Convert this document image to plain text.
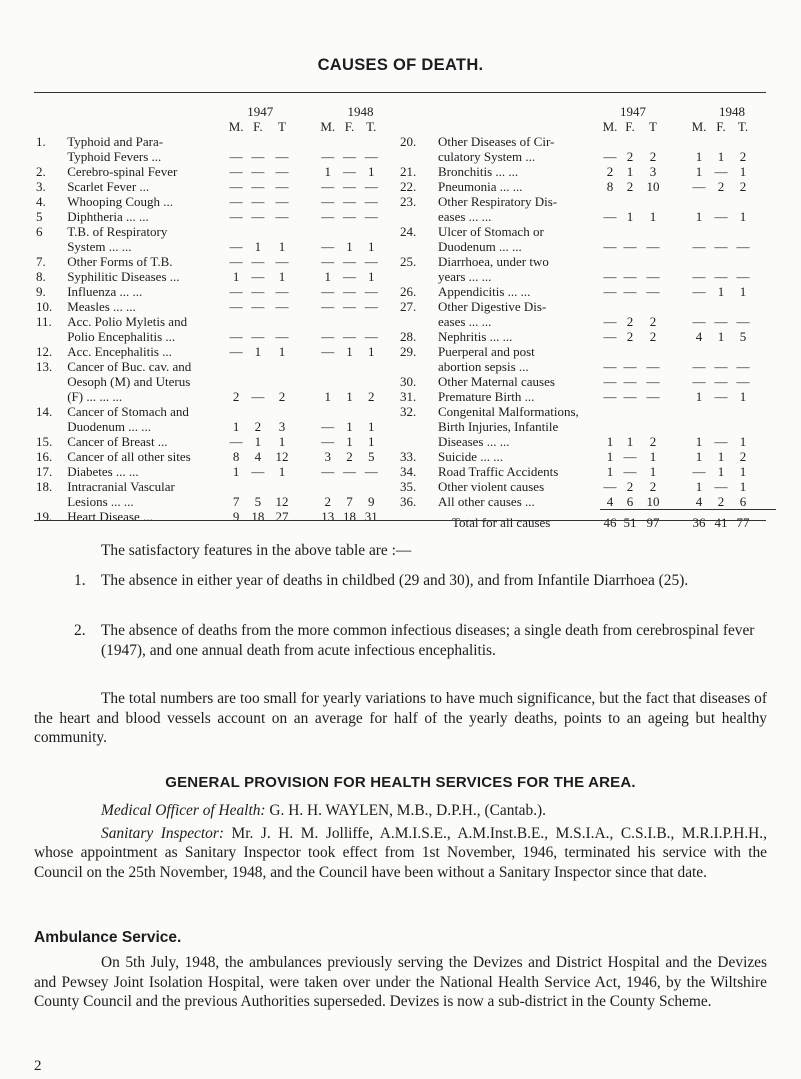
CAUSES OF DEATH.
		1947				1948			
		M.	F.	T		M.	F.	T.	
1.	Typhoid and Para-								
	Typhoid Fevers ...	—	—	—		—	—	—	
2.	Cerebro-spinal Fever	—	—	—		1	—	1	
3.	Scarlet Fever ...	—	—	—		—	—	—	
4.	Whooping Cough ...	—	—	—		—	—	—	
5	Diphtheria ... ...	—	—	—		—	—	—	
6	T.B. of Respiratory								
	System ... ...	—	1	1		—	1	1	
7.	Other Forms of T.B.	—	—	—		—	—	—	
8.	Syphilitic Diseases ...	1	—	1		1	—	1	
9.	Influenza ... ...	—	—	—		—	—	—	
10.	Measles ... ...	—	—	—		—	—	—	
11.	Acc. Polio Myletis and								
	Polio Encephalitis ...	—	—	—		—	—	—	
12.	Acc. Encephalitis ...	—	1	1		—	1	1	
13.	Cancer of Buc. cav. and								
	Oesoph (M) and Uterus								
	(F) ... ... ...	2	—	2		1	1	2	
14.	Cancer of Stomach and								
	Duodenum ... ...	1	2	3		—	1	1	
15.	Cancer of Breast ...	—	1	1		—	1	1	
16.	Cancer of all other sites	8	4	12		3	2	5	
17.	Diabetes ... ...	1	—	1		—	—	—	
18.	Intracranial Vascular								
	Lesions ... ...	7	5	12		2	7	9	
19.	Heart Disease ...	9	18	27		13	18	31	
		1947				1948			
		M.	F.	T		M.	F.	T.	
20.	Other Diseases of Cir-								
	culatory System ...	—	2	2		1	1	2	
21.	Bronchitis ... ...	2	1	3		1	—	1	
22.	Pneumonia ... ...	8	2	10		—	2	2	
23.	Other Respiratory Dis-								
	eases ... ...	—	1	1		1	—	1	
24.	Ulcer of Stomach or								
	Duodenum ... ...	—	—	—		—	—	—	
25.	Diarrhoea, under two								
	years ... ...	—	—	—		—	—	—	
26.	Appendicitis ... ...	—	—	—		—	1	1	
27.	Other Digestive Dis-								
	eases ... ...	—	2	2		—	—	—	
28.	Nephritis ... ...	—	2	2		4	1	5	
29.	Puerperal and post								
	abortion sepsis ...	—	—	—		—	—	—	
30.	Other Maternal causes	—	—	—		—	—	—	
31.	Premature Birth ...	—	—	—		1	—	1	
32.	Congenital Malformations,								
	Birth Injuries, Infantile								
	Diseases ... ...	1	1	2		1	—	1	
33.	Suicide ... ...	1	—	1		1	1	2	
34.	Road Traffic Accidents	1	—	1		—	1	1	
35.	Other violent causes	—	2	2		1	—	1	
36.	All other causes ...	4	6	10		4	2	6	
	Total for all causes	46	51	97		36	41	77	

The satisfactory features in the above table are :—

1. The absence in either year of deaths in childbed (29 and 30), and from Infantile Diarrhoea (25).
2. The absence of deaths from the more common infectious diseases; a single death from cerebrospinal fever (1947), and one annual death from acute infectious encephalitis.

The total numbers are too small for yearly variations to have much significance, but the fact that diseases of the heart and blood vessels account on an average for half of the yearly deaths, points to an ageing but healthy community.

GENERAL PROVISION FOR HEALTH SERVICES FOR THE AREA.

Medical Officer of Health: G. H. H. WAYLEN, M.B., D.P.H., (Cantab.).

Sanitary Inspector: Mr. J. H. M. Jolliffe, A.M.I.S.E., A.M.Inst.B.E., M.S.I.A., C.S.I.B., M.R.I.P.H.H., whose appointment as Sanitary Inspector took effect from 1st November, 1946, terminated his service with the Council on the 25th November, 1948, and the Council have been without a Sanitary Inspector since that date.

Ambulance Service.

On 5th July, 1948, the ambulances previously serving the Devizes and District Hospital and the Devizes and Pewsey Joint Isolation Hospital, were taken over under the National Health Service Act, 1946, by the Wiltshire County Council and the previous Authorities superseded. Devizes is now a sub-district in the County Scheme.

2
